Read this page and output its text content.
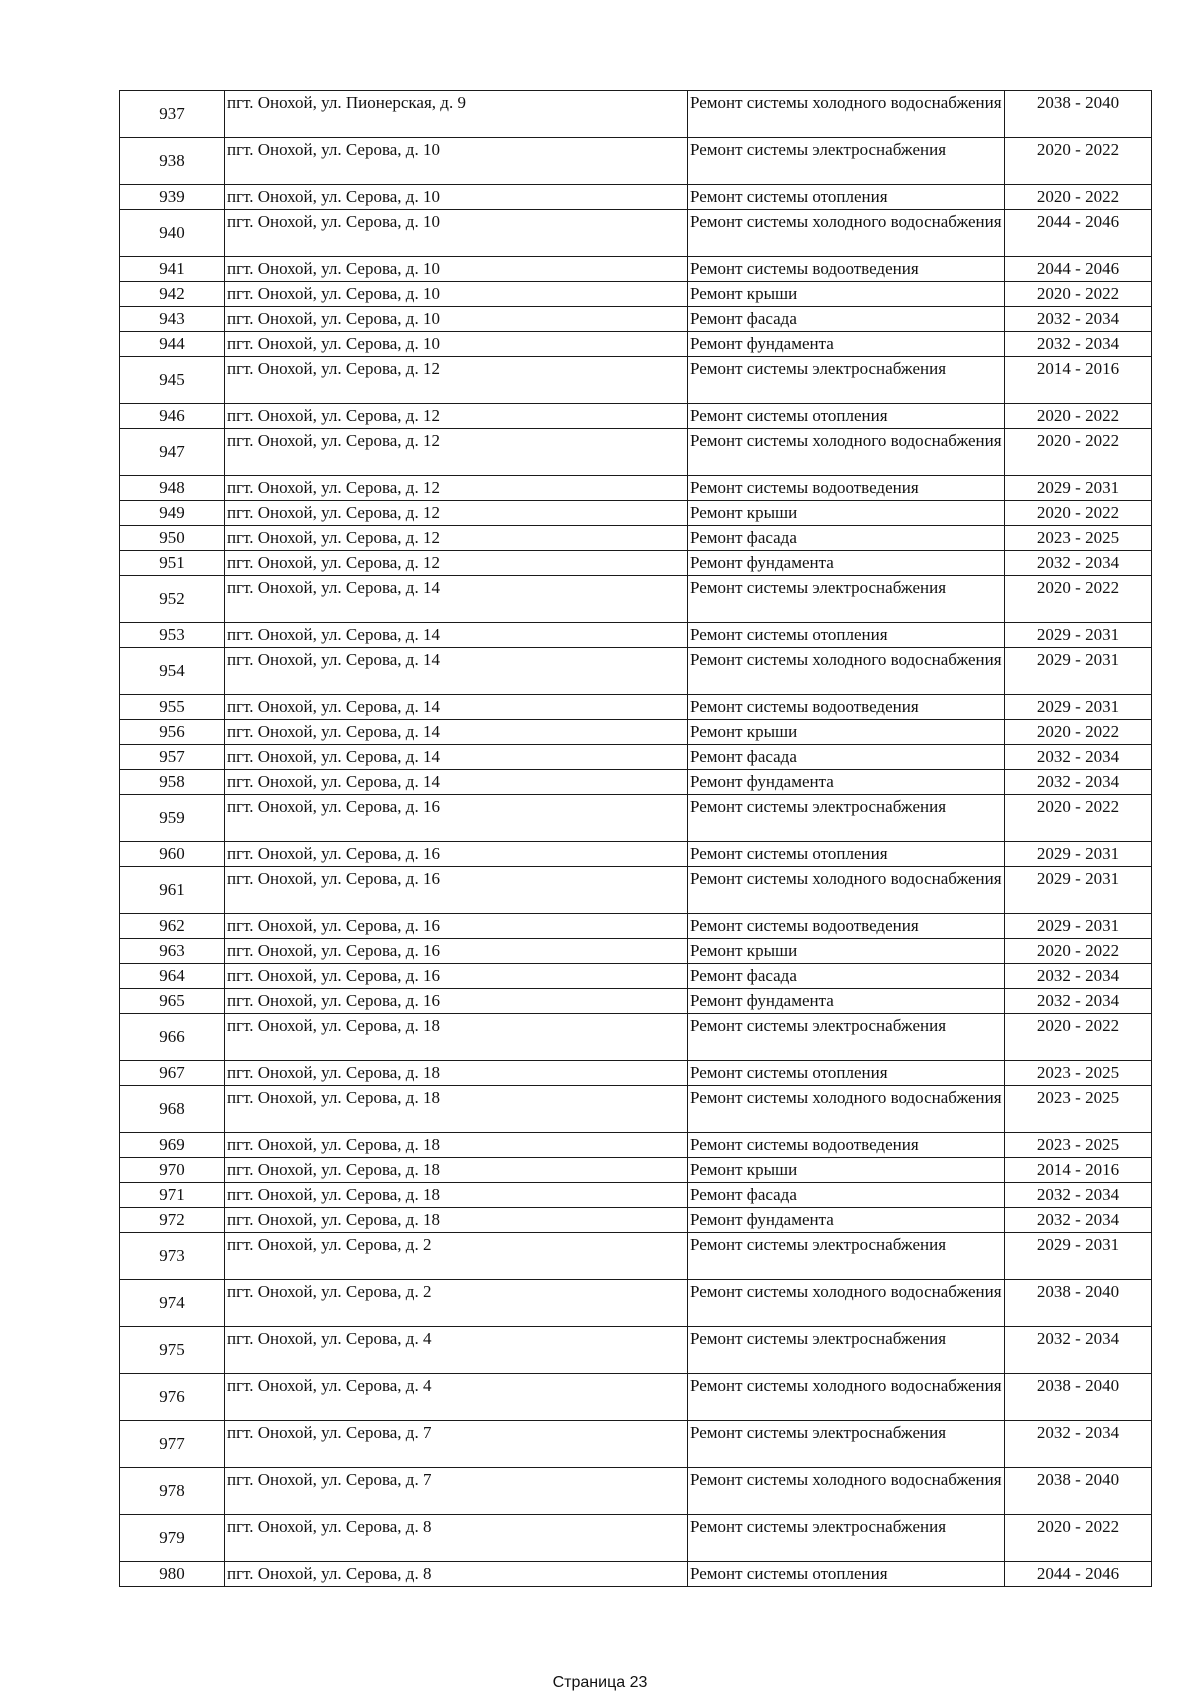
937	пгт. Онохой, ул. Пионерская, д. 9	Ремонт системы холодного водоснабжения	2038 - 2040
938	пгт. Онохой, ул. Серова, д. 10	Ремонт системы электроснабжения	2020 - 2022
939	пгт. Онохой, ул. Серова, д. 10	Ремонт системы отопления	2020 - 2022
940	пгт. Онохой, ул. Серова, д. 10	Ремонт системы холодного водоснабжения	2044 - 2046
941	пгт. Онохой, ул. Серова, д. 10	Ремонт системы водоотведения	2044 - 2046
942	пгт. Онохой, ул. Серова, д. 10	Ремонт крыши	2020 - 2022
943	пгт. Онохой, ул. Серова, д. 10	Ремонт фасада	2032 - 2034
944	пгт. Онохой, ул. Серова, д. 10	Ремонт фундамента	2032 - 2034
945	пгт. Онохой, ул. Серова, д. 12	Ремонт системы электроснабжения	2014 - 2016
946	пгт. Онохой, ул. Серова, д. 12	Ремонт системы отопления	2020 - 2022
947	пгт. Онохой, ул. Серова, д. 12	Ремонт системы холодного водоснабжения	2020 - 2022
948	пгт. Онохой, ул. Серова, д. 12	Ремонт системы водоотведения	2029 - 2031
949	пгт. Онохой, ул. Серова, д. 12	Ремонт крыши	2020 - 2022
950	пгт. Онохой, ул. Серова, д. 12	Ремонт фасада	2023 - 2025
951	пгт. Онохой, ул. Серова, д. 12	Ремонт фундамента	2032 - 2034
952	пгт. Онохой, ул. Серова, д. 14	Ремонт системы электроснабжения	2020 - 2022
953	пгт. Онохой, ул. Серова, д. 14	Ремонт системы отопления	2029 - 2031
954	пгт. Онохой, ул. Серова, д. 14	Ремонт системы холодного водоснабжения	2029 - 2031
955	пгт. Онохой, ул. Серова, д. 14	Ремонт системы водоотведения	2029 - 2031
956	пгт. Онохой, ул. Серова, д. 14	Ремонт крыши	2020 - 2022
957	пгт. Онохой, ул. Серова, д. 14	Ремонт фасада	2032 - 2034
958	пгт. Онохой, ул. Серова, д. 14	Ремонт фундамента	2032 - 2034
959	пгт. Онохой, ул. Серова, д. 16	Ремонт системы электроснабжения	2020 - 2022
960	пгт. Онохой, ул. Серова, д. 16	Ремонт системы отопления	2029 - 2031
961	пгт. Онохой, ул. Серова, д. 16	Ремонт системы холодного водоснабжения	2029 - 2031
962	пгт. Онохой, ул. Серова, д. 16	Ремонт системы водоотведения	2029 - 2031
963	пгт. Онохой, ул. Серова, д. 16	Ремонт крыши	2020 - 2022
964	пгт. Онохой, ул. Серова, д. 16	Ремонт фасада	2032 - 2034
965	пгт. Онохой, ул. Серова, д. 16	Ремонт фундамента	2032 - 2034
966	пгт. Онохой, ул. Серова, д. 18	Ремонт системы электроснабжения	2020 - 2022
967	пгт. Онохой, ул. Серова, д. 18	Ремонт системы отопления	2023 - 2025
968	пгт. Онохой, ул. Серова, д. 18	Ремонт системы холодного водоснабжения	2023 - 2025
969	пгт. Онохой, ул. Серова, д. 18	Ремонт системы водоотведения	2023 - 2025
970	пгт. Онохой, ул. Серова, д. 18	Ремонт крыши	2014 - 2016
971	пгт. Онохой, ул. Серова, д. 18	Ремонт фасада	2032 - 2034
972	пгт. Онохой, ул. Серова, д. 18	Ремонт фундамента	2032 - 2034
973	пгт. Онохой, ул. Серова, д. 2	Ремонт системы электроснабжения	2029 - 2031
974	пгт. Онохой, ул. Серова, д. 2	Ремонт системы холодного водоснабжения	2038 - 2040
975	пгт. Онохой, ул. Серова, д. 4	Ремонт системы электроснабжения	2032 - 2034
976	пгт. Онохой, ул. Серова, д. 4	Ремонт системы холодного водоснабжения	2038 - 2040
977	пгт. Онохой, ул. Серова, д. 7	Ремонт системы электроснабжения	2032 - 2034
978	пгт. Онохой, ул. Серова, д. 7	Ремонт системы холодного водоснабжения	2038 - 2040
979	пгт. Онохой, ул. Серова, д. 8	Ремонт системы электроснабжения	2020 - 2022
980	пгт. Онохой, ул. Серова, д. 8	Ремонт системы отопления	2044 - 2046
Страница 23
